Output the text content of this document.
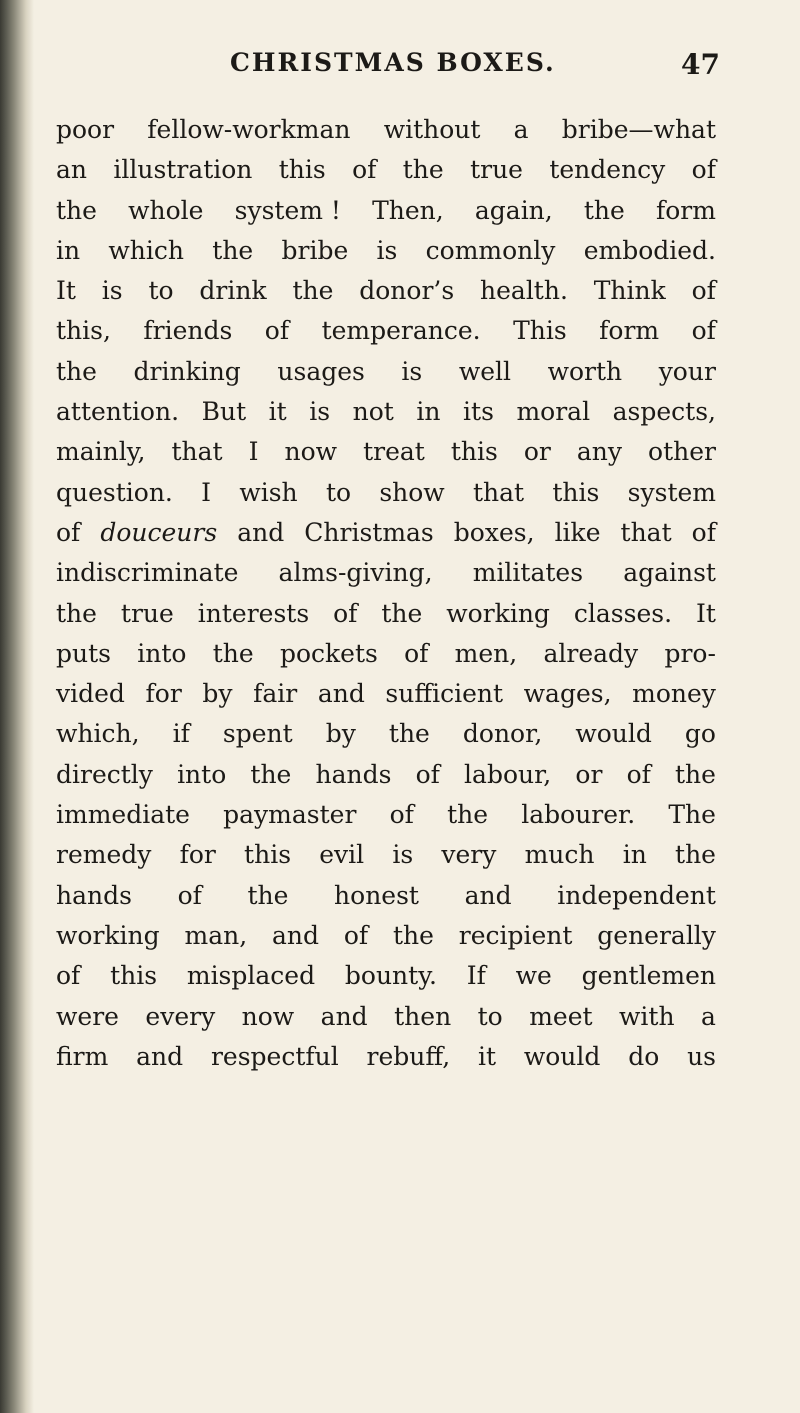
CHRISTMAS BOXES.	47
poor fellow-workman without a bribe—what
an illustration this of the true tendency of
the whole system ! Then, again, the form
in which the bribe is commonly embodied.
It is to drink the donor’s health. Think of
this, friends of temperance. This form of
the drinking usages is well worth your
attention. But it is not in its moral aspects,
mainly, that I now treat this or any other
question. I wish to show that this system
of douceurs and Christmas boxes, like that of
indiscriminate alms-giving, militates against
the true interests of the working classes. It
puts into the pockets of men, already pro-
vided for by fair and sufficient wages, money
which, if spent by the donor, would go
directly into the hands of labour, or of the
immediate paymaster of the labourer. The
remedy for this evil is very much in the
hands of the honest and independent
working man, and of the recipient generally
of this misplaced bounty. If we gentlemen
were every now and then to meet with a
firm and respectful rebuff, it would do us
